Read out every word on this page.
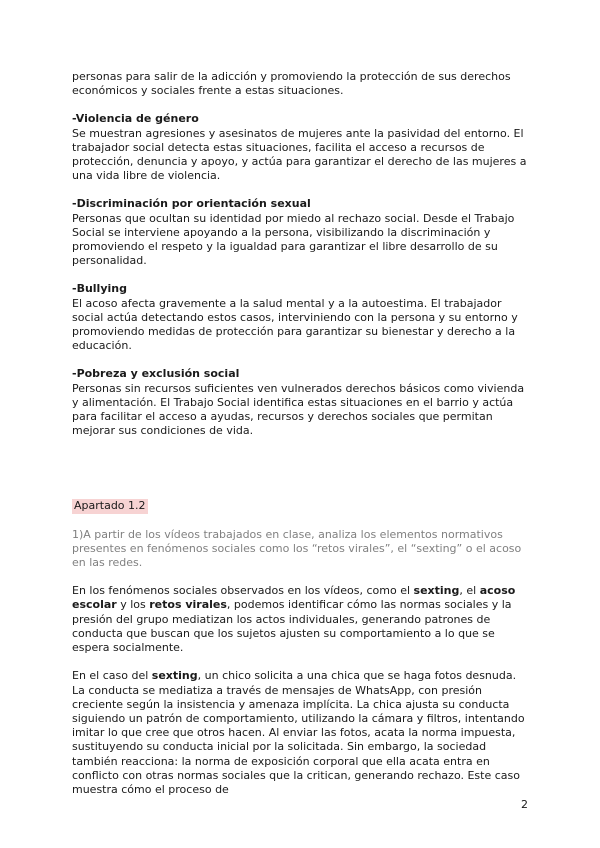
personas para salir de la adicción y promoviendo la protección de sus derechos económicos y sociales frente a estas situaciones.

-Violencia de género

Se muestran agresiones y asesinatos de mujeres ante la pasividad del entorno. El trabajador social detecta estas situaciones, facilita el acceso a recursos de protección, denuncia y apoyo, y actúa para garantizar el derecho de las mujeres a una vida libre de violencia.

-Discriminación por orientación sexual

Personas que ocultan su identidad por miedo al rechazo social. Desde el Trabajo Social se interviene apoyando a la persona, visibilizando la discriminación y promoviendo el respeto y la igualdad para garantizar el libre desarrollo de su personalidad.

-Bullying

El acoso afecta gravemente a la salud mental y a la autoestima. El trabajador social actúa detectando estos casos, interviniendo con la persona y su entorno y promoviendo medidas de protección para garantizar su bienestar y derecho a la educación.

-Pobreza y exclusión social

Personas sin recursos suficientes ven vulnerados derechos básicos como vivienda y alimentación. El Trabajo Social identifica estas situaciones en el barrio y actúa para facilitar el acceso a ayudas, recursos y derechos sociales que permitan mejorar sus condiciones de vida.

Apartado 1.2

1)A partir de los vídeos trabajados en clase, analiza los elementos normativos presentes en fenómenos sociales como los “retos virales”, el “sexting” o el acoso en las redes.

En los fenómenos sociales observados en los vídeos, como el sexting, el acoso escolar y los retos virales, podemos identificar cómo las normas sociales y la presión del grupo mediatizan los actos individuales, generando patrones de conducta que buscan que los sujetos ajusten su comportamiento a lo que se espera socialmente.

En el caso del sexting, un chico solicita a una chica que se haga fotos desnuda. La conducta se mediatiza a través de mensajes de WhatsApp, con presión creciente según la insistencia y amenaza implícita. La chica ajusta su conducta siguiendo un patrón de comportamiento, utilizando la cámara y filtros, intentando imitar lo que cree que otros hacen. Al enviar las fotos, acata la norma impuesta, sustituyendo su conducta inicial por la solicitada. Sin embargo, la sociedad también reacciona: la norma de exposición corporal que ella acata entra en conflicto con otras normas sociales que la critican, generando rechazo. Este caso muestra cómo el proceso de

2
